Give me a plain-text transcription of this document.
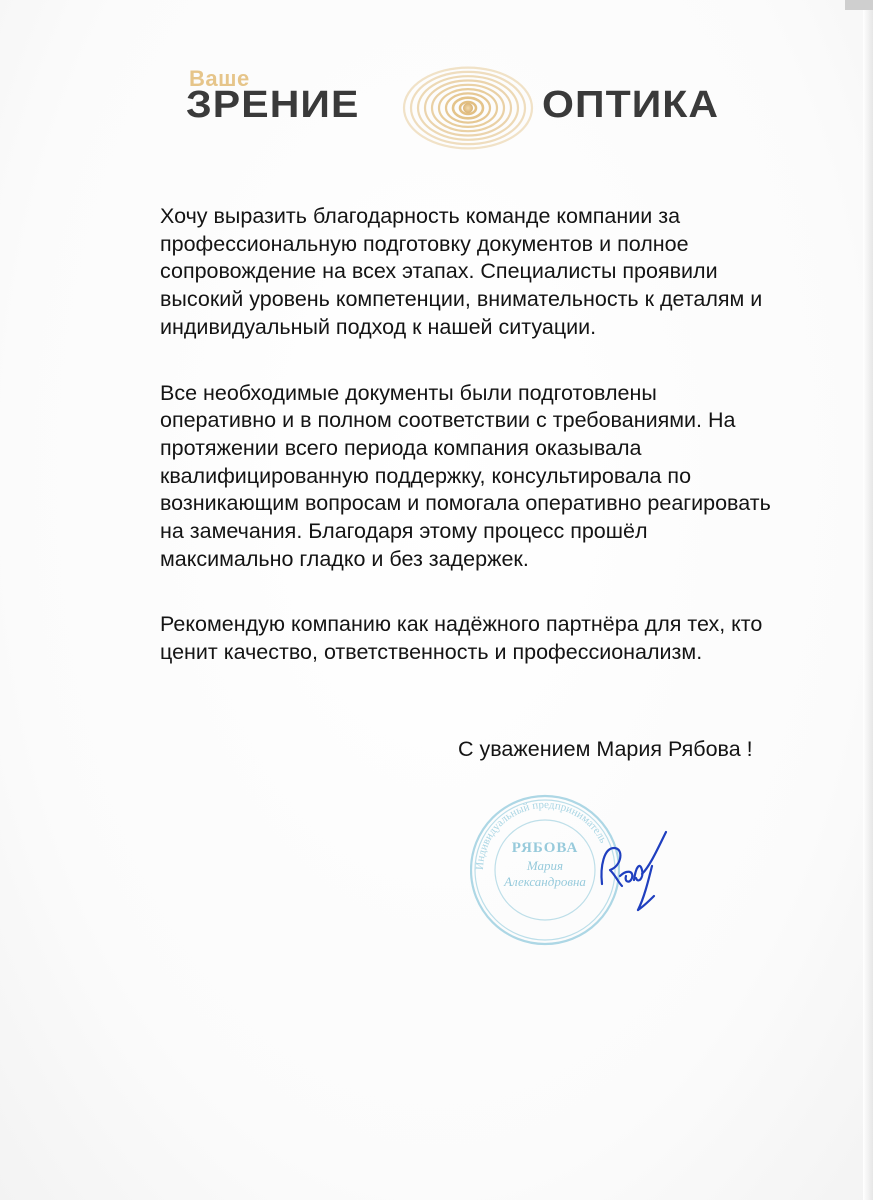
Ваше
ЗРЕНИЕ	ОПТИКА

Хочу выразить благодарность команде компании за
профессиональную подготовку документов и полное
сопровождение на всех этапах. Специалисты проявили
высокий уровень компетенции, внимательность к деталям и
индивидуальный подход к нашей ситуации.

Все необходимые документы были подготовлены
оперативно и в полном соответствии с требованиями. На
протяжении всего периода компания оказывала
квалифицированную поддержку, консультировала по
возникающим вопросам и помогала оперативно реагировать
на замечания. Благодаря этому процесс прошёл
максимально гладко и без задержек.

Рекомендую компанию как надёжного партнёра для тех, кто
ценит качество, ответственность и профессионализм.

С уважением Мария Рябова !
Индивидуальный предприниматель
РЯБОВА
Мария
Александровна
